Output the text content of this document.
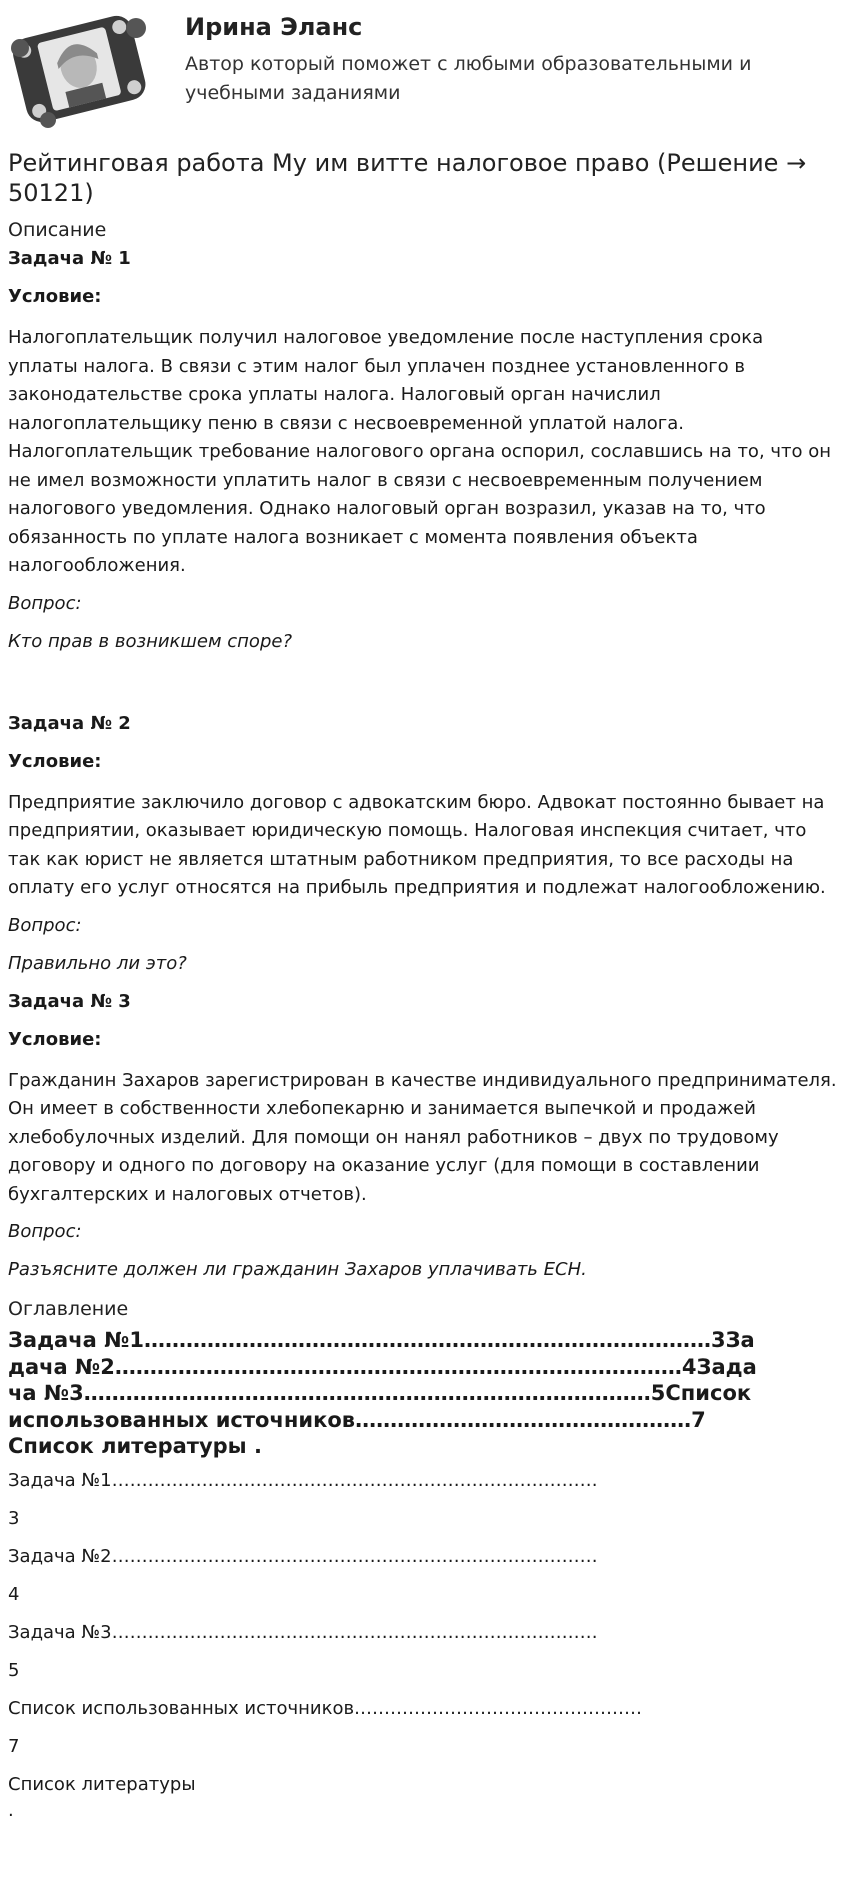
Ирина Эланс
Автор который поможет с любыми образовательными и учебными заданиями
Рейтинговая работа Му им витте налоговое право (Решение → 50121)
Описание
Задача № 1
Условие:
Налогоплательщик получил налоговое уведомление после наступления срока уплаты налога. В связи с этим налог был уплачен позднее установленного в законодательстве срока уплаты налога. Налоговый орган начислил налогоплательщику пеню в связи с несвоевременной уплатой налога. Налогоплательщик требование налогового органа оспорил, сославшись на то, что он не имел возможности уплатить налог в связи с несвоевременным получением налогового уведомления. Однако налоговый орган возразил, указав на то, что обязанность по уплате налога возникает с момента появления объекта налогообложения.
Вопрос:
Кто прав в возникшем споре?
Задача № 2
Условие:
Предприятие заключило договор с адвокатским бюро. Адвокат постоянно бывает на предприятии, оказывает юридическую помощь. Налоговая инспекция считает, что так как юрист не является штатным работником предприятия, то все расходы на оплату его услуг относятся на прибыль предприятия и подлежат налогообложению.
Вопрос:
Правильно ли это?
Задача № 3
Условие:
Гражданин Захаров зарегистрирован в качестве индивидуального предпринимателя. Он имеет в собственности хлебопекарню и занимается выпечкой и продажей хлебобулочных изделий. Для помощи он нанял работников – двух по трудовому договору и одного по договору на оказание услуг (для помощи в составлении бухгалтерских и налоговых отчетов).
Вопрос:
Разъясните должен ли гражданин Захаров уплачивать ЕСН.
Оглавление
Задача №1………………………………………………………………………3Задача №2………………………………………………………………………4Задача №3………………………………………………………………………5Список использованных источников…………………………………………7
Список литературы .
Задача №1………………………………………………………………………
3
Задача №2………………………………………………………………………
4
Задача №3………………………………………………………………………
5
Список использованных источников…………………………………………
7
Список литературы
.
